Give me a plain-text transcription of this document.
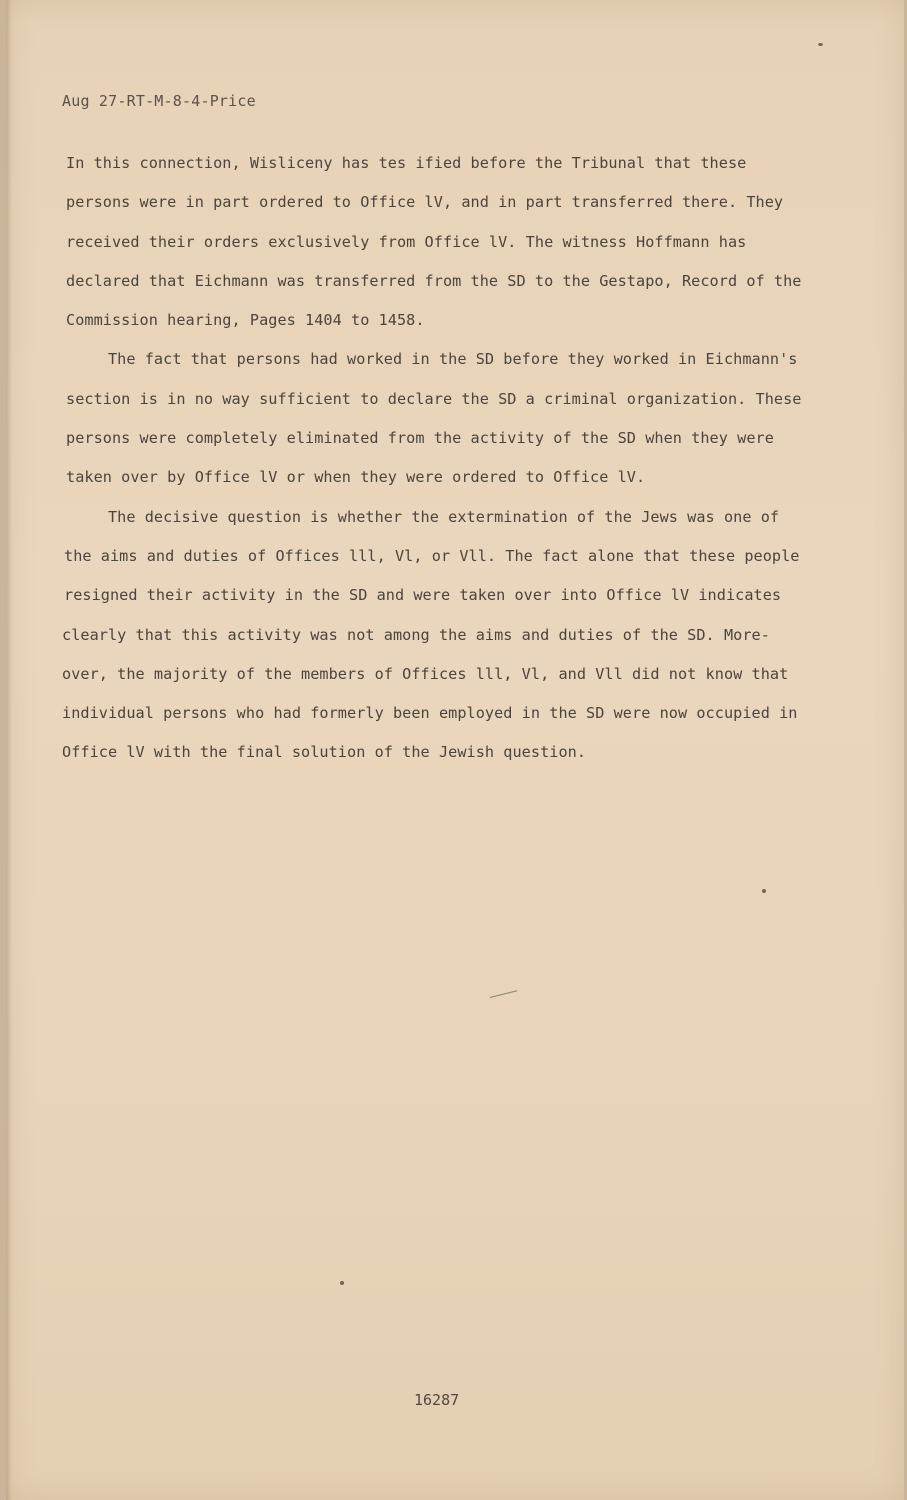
Aug 27-RT-M-8-4-Price
In this connection, Wisliceny has tes ified before the Tribunal that these
persons were in part ordered to Office lV, and in part transferred there. They
received their orders exclusively from Office lV. The witness Hoffmann has
declared that Eichmann was transferred from the SD to the Gestapo, Record of the
Commission hearing, Pages 1404 to 1458.
The fact that persons had worked in the SD before they worked in Eichmann's
section is in no way sufficient to declare the SD a criminal organization. These
persons were completely eliminated from the activity of the SD when they were
taken over by Office lV or when they were ordered to Office lV.
The decisive question is whether the extermination of the Jews was one of
the aims and duties of Offices lll, Vl, or Vll. The fact alone that these people
resigned their activity in the SD and were taken over into Office lV indicates
clearly that this activity was not among the aims and duties of the SD. More-
over, the majority of the members of Offices lll, Vl, and Vll did not know that
individual persons who had formerly been employed in the SD were now occupied in
Office lV with the final solution of the Jewish question.
16287
